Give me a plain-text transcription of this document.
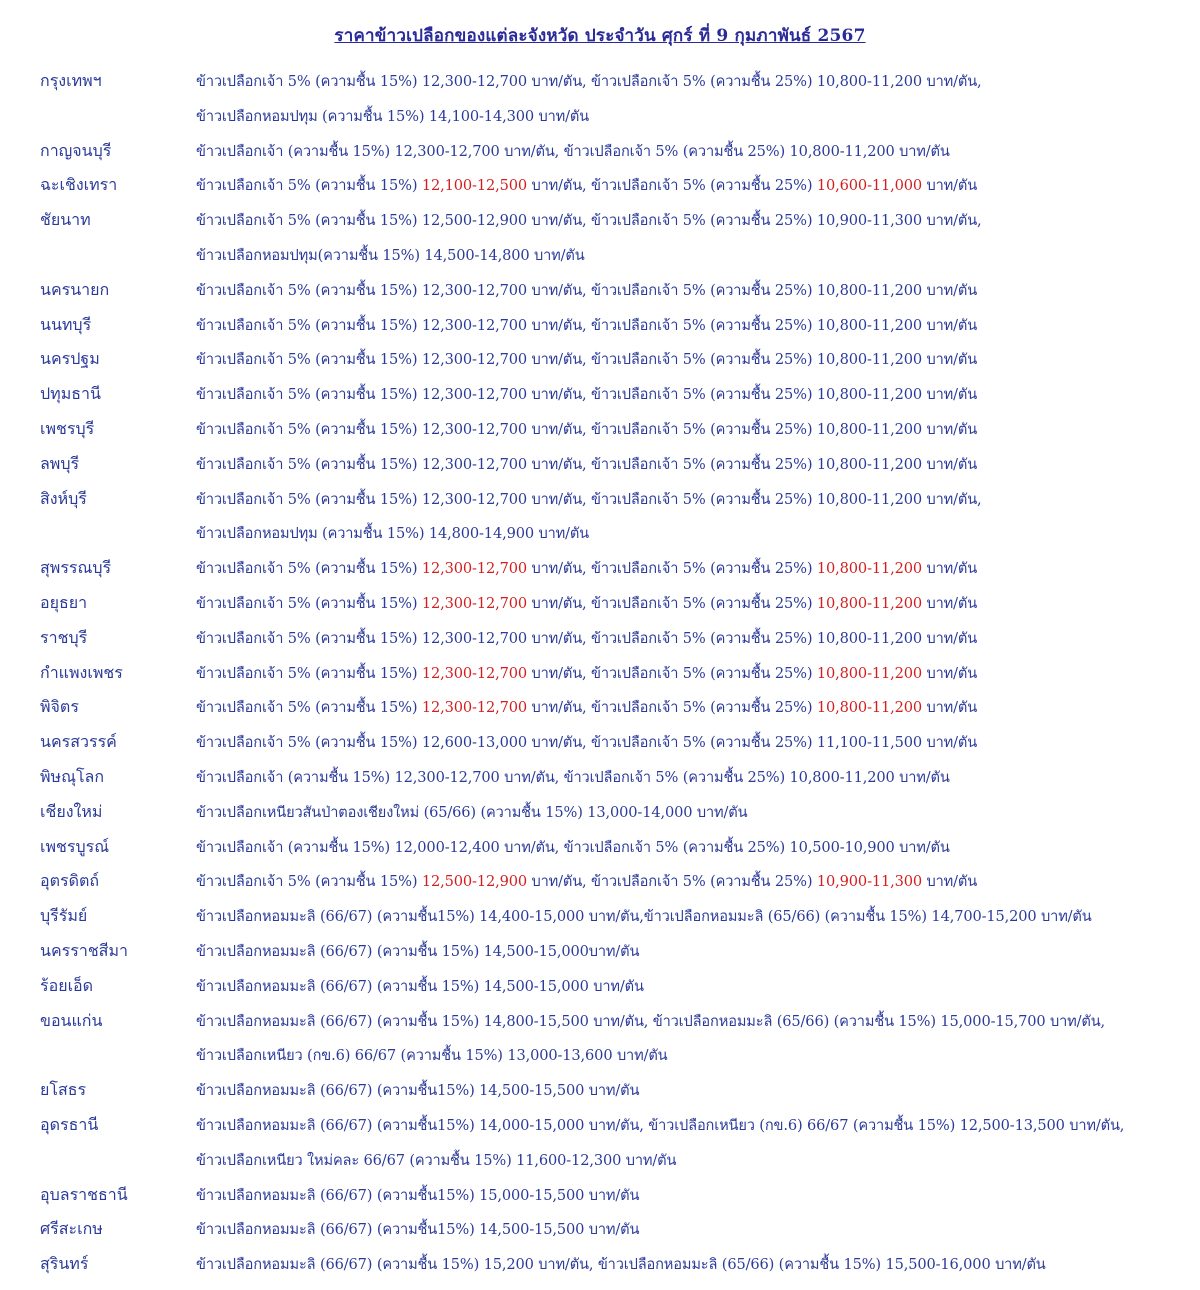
ราคาข้าวเปลือกของแต่ละจังหวัด ประจำวัน ศุกร์ ที่ 9 กุมภาพันธ์ 2567
กรุงเทพฯ	ข้าวเปลือกเจ้า 5% (ความชื้น 15%) 12,300-12,700 บาท/ตัน, ข้าวเปลือกเจ้า 5% (ความชื้น 25%) 10,800-11,200 บาท/ตัน,
ข้าวเปลือกหอมปทุม (ความชื้น 15%) 14,100-14,300 บาท/ตัน
กาญจนบุรี	ข้าวเปลือกเจ้า (ความชื้น 15%) 12,300-12,700 บาท/ตัน, ข้าวเปลือกเจ้า 5% (ความชื้น 25%) 10,800-11,200 บาท/ตัน
ฉะเชิงเทรา	ข้าวเปลือกเจ้า 5% (ความชื้น 15%) 12,100-12,500 บาท/ตัน, ข้าวเปลือกเจ้า 5% (ความชื้น 25%) 10,600-11,000 บาท/ตัน
ชัยนาท	ข้าวเปลือกเจ้า 5% (ความชื้น 15%) 12,500-12,900 บาท/ตัน, ข้าวเปลือกเจ้า 5% (ความชื้น 25%) 10,900-11,300 บาท/ตัน,
ข้าวเปลือกหอมปทุม(ความชื้น 15%) 14,500-14,800 บาท/ตัน
นครนายก	ข้าวเปลือกเจ้า 5% (ความชื้น 15%) 12,300-12,700 บาท/ตัน, ข้าวเปลือกเจ้า 5% (ความชื้น 25%) 10,800-11,200 บาท/ตัน
นนทบุรี	ข้าวเปลือกเจ้า 5% (ความชื้น 15%) 12,300-12,700 บาท/ตัน, ข้าวเปลือกเจ้า 5% (ความชื้น 25%) 10,800-11,200 บาท/ตัน
นครปฐม	ข้าวเปลือกเจ้า 5% (ความชื้น 15%) 12,300-12,700 บาท/ตัน, ข้าวเปลือกเจ้า 5% (ความชื้น 25%) 10,800-11,200 บาท/ตัน
ปทุมธานี	ข้าวเปลือกเจ้า 5% (ความชื้น 15%) 12,300-12,700 บาท/ตัน, ข้าวเปลือกเจ้า 5% (ความชื้น 25%) 10,800-11,200 บาท/ตัน
เพชรบุรี	ข้าวเปลือกเจ้า 5% (ความชื้น 15%) 12,300-12,700 บาท/ตัน, ข้าวเปลือกเจ้า 5% (ความชื้น 25%) 10,800-11,200 บาท/ตัน
ลพบุรี	ข้าวเปลือกเจ้า 5% (ความชื้น 15%) 12,300-12,700 บาท/ตัน, ข้าวเปลือกเจ้า 5% (ความชื้น 25%) 10,800-11,200 บาท/ตัน
สิงห์บุรี	ข้าวเปลือกเจ้า 5% (ความชื้น 15%) 12,300-12,700 บาท/ตัน, ข้าวเปลือกเจ้า 5% (ความชื้น 25%) 10,800-11,200 บาท/ตัน,
ข้าวเปลือกหอมปทุม (ความชื้น 15%) 14,800-14,900 บาท/ตัน
สุพรรณบุรี	ข้าวเปลือกเจ้า 5% (ความชื้น 15%) 12,300-12,700 บาท/ตัน, ข้าวเปลือกเจ้า 5% (ความชื้น 25%) 10,800-11,200 บาท/ตัน
อยุธยา	ข้าวเปลือกเจ้า 5% (ความชื้น 15%) 12,300-12,700 บาท/ตัน, ข้าวเปลือกเจ้า 5% (ความชื้น 25%) 10,800-11,200 บาท/ตัน
ราชบุรี	ข้าวเปลือกเจ้า 5% (ความชื้น 15%) 12,300-12,700 บาท/ตัน, ข้าวเปลือกเจ้า 5% (ความชื้น 25%) 10,800-11,200 บาท/ตัน
กำแพงเพชร	ข้าวเปลือกเจ้า 5% (ความชื้น 15%) 12,300-12,700 บาท/ตัน, ข้าวเปลือกเจ้า 5% (ความชื้น 25%) 10,800-11,200 บาท/ตัน
พิจิตร	ข้าวเปลือกเจ้า 5% (ความชื้น 15%) 12,300-12,700 บาท/ตัน, ข้าวเปลือกเจ้า 5% (ความชื้น 25%) 10,800-11,200 บาท/ตัน
นครสวรรค์	ข้าวเปลือกเจ้า 5% (ความชื้น 15%) 12,600-13,000 บาท/ตัน, ข้าวเปลือกเจ้า 5% (ความชื้น 25%) 11,100-11,500 บาท/ตัน
พิษณุโลก	ข้าวเปลือกเจ้า (ความชื้น 15%) 12,300-12,700 บาท/ตัน, ข้าวเปลือกเจ้า 5% (ความชื้น 25%) 10,800-11,200 บาท/ตัน
เชียงใหม่	ข้าวเปลือกเหนียวสันป่าตองเชียงใหม่ (65/66) (ความชื้น 15%) 13,000-14,000 บาท/ตัน
เพชรบูรณ์	ข้าวเปลือกเจ้า (ความชื้น 15%) 12,000-12,400 บาท/ตัน, ข้าวเปลือกเจ้า 5% (ความชื้น 25%) 10,500-10,900 บาท/ตัน
อุตรดิตถ์	ข้าวเปลือกเจ้า 5% (ความชื้น 15%) 12,500-12,900 บาท/ตัน, ข้าวเปลือกเจ้า 5% (ความชื้น 25%) 10,900-11,300 บาท/ตัน
บุรีรัมย์	ข้าวเปลือกหอมมะลิ (66/67) (ความชื้น15%) 14,400-15,000 บาท/ตัน,ข้าวเปลือกหอมมะลิ (65/66) (ความชื้น 15%) 14,700-15,200 บาท/ตัน
นครราชสีมา	ข้าวเปลือกหอมมะลิ (66/67) (ความชื้น 15%) 14,500-15,000บาท/ตัน
ร้อยเอ็ด	ข้าวเปลือกหอมมะลิ (66/67) (ความชื้น 15%) 14,500-15,000 บาท/ตัน
ขอนแก่น	ข้าวเปลือกหอมมะลิ (66/67) (ความชื้น 15%) 14,800-15,500 บาท/ตัน, ข้าวเปลือกหอมมะลิ (65/66) (ความชื้น 15%) 15,000-15,700 บาท/ตัน,
ข้าวเปลือกเหนียว (กข.6) 66/67 (ความชื้น 15%) 13,000-13,600 บาท/ตัน
ยโสธร	ข้าวเปลือกหอมมะลิ (66/67) (ความชื้น15%) 14,500-15,500 บาท/ตัน
อุดรธานี	ข้าวเปลือกหอมมะลิ (66/67) (ความชื้น15%) 14,000-15,000 บาท/ตัน, ข้าวเปลือกเหนียว (กข.6) 66/67 (ความชื้น 15%) 12,500-13,500 บาท/ตัน,
ข้าวเปลือกเหนียว ใหม่คละ 66/67 (ความชื้น 15%) 11,600-12,300 บาท/ตัน
อุบลราชธานี	ข้าวเปลือกหอมมะลิ (66/67) (ความชื้น15%) 15,000-15,500 บาท/ตัน
ศรีสะเกษ	ข้าวเปลือกหอมมะลิ (66/67) (ความชื้น15%) 14,500-15,500 บาท/ตัน
สุรินทร์	ข้าวเปลือกหอมมะลิ (66/67) (ความชื้น 15%) 15,200 บาท/ตัน, ข้าวเปลือกหอมมะลิ (65/66) (ความชื้น 15%) 15,500-16,000 บาท/ตัน
